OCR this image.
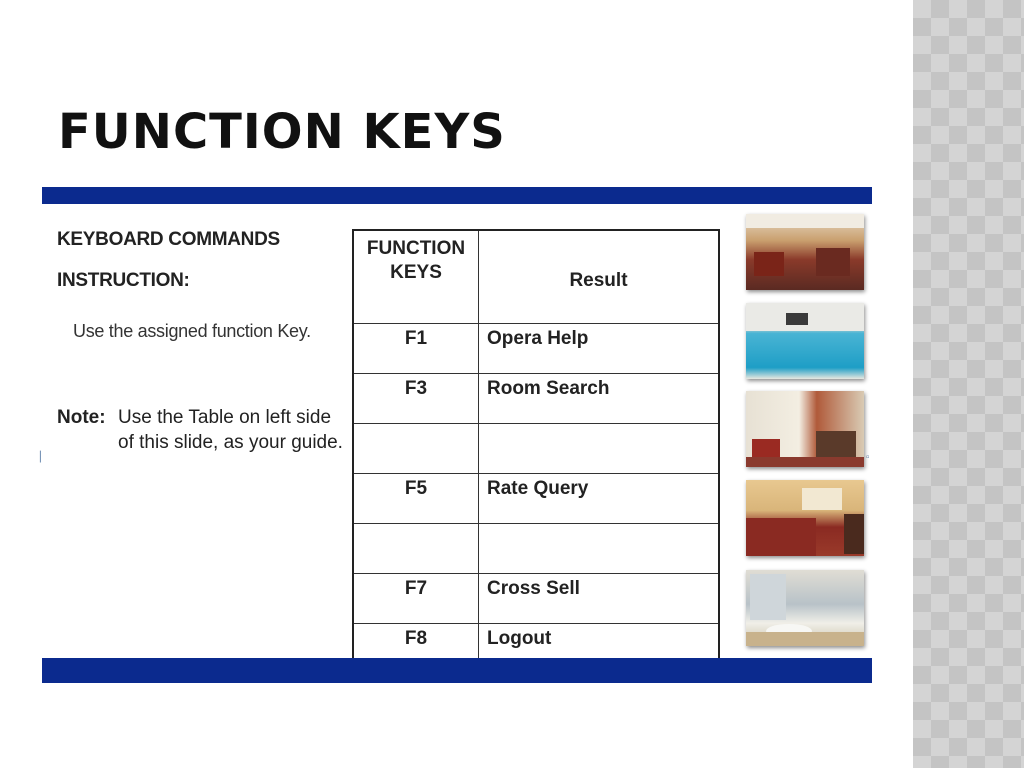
FUNCTION KEYS
KEYBOARD COMMANDS
INSTRUCTION:
Use the assigned function Key.
Note: Use the Table on left side of this slide, as your guide.
▏	▫
FUNCTION
KEYS	Result
F1	Opera Help
F3	Room Search

F5	Rate Query

F7	Cross Sell
F8	Logout
